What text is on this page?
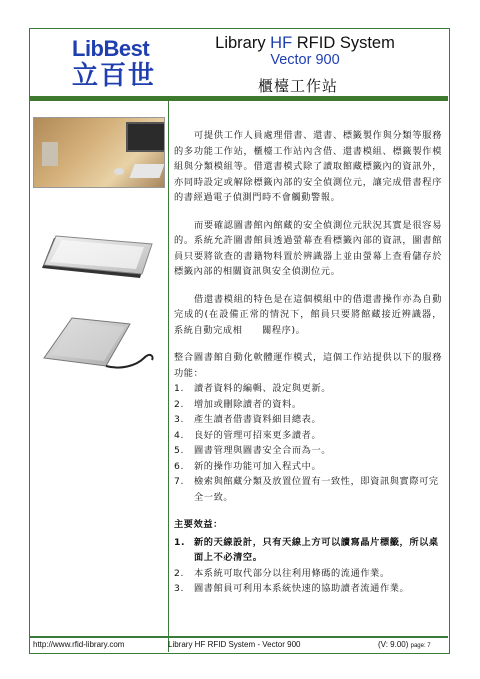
LibBest
立百世
Library HF RFID System
Vector 900
櫃檯工作站

可提供工作人員處理借書、還書、標籤製作與分類等服務的多功能工作站，櫃檯工作站內含借、還書模組、標籤製作模組與分類模組等。借還書模式除了讀取館藏標籤內的資訊外，亦同時設定或解除標籤內部的安全偵測位元，讓完成借書程序的書經過電子偵測門時不會觸動警報。

而要確認圖書館內館藏的安全偵測位元狀況其實是很容易的。系統允許圖書館員透過螢幕查看標籤內部的資訊，圖書館員只要將欲查的書籍物料置於辨識器上並由螢幕上查看儲存於標籤內部的相關資訊與安全偵測位元。

借還書模組的特色是在這個模組中的借還書操作亦為自動完成的(在設備正常的情況下，館員只要將館藏接近辨識器，系統自動完成相　　關程序)。

整合圖書館自動化軟體運作模式，這個工作站提供以下的服務功能：

1. 讀者資料的編輯、設定與更新。
2. 增加或刪除讀者的資料。
3. 產生讀者借書資料細目總表。
4. 良好的管理可招來更多讀者。
5. 圖書管理與圖書安全合而為一。
6. 新的操作功能可加入程式中。
7. 檢索與館藏分類及放置位置有一致性，即資訊與實際可完全一致。
主要效益：
1. 新的天線設計，只有天線上方可以讀寫晶片標籤，所以桌面上不必清空。
2. 本系統可取代部分以往利用條碼的流通作業。
3. 圖書館員可利用本系統快速的協助讀者流通作業。
http://www.rfid-library.com	Library HF RFID System - Vector 900	(V: 9.00) page: 7
